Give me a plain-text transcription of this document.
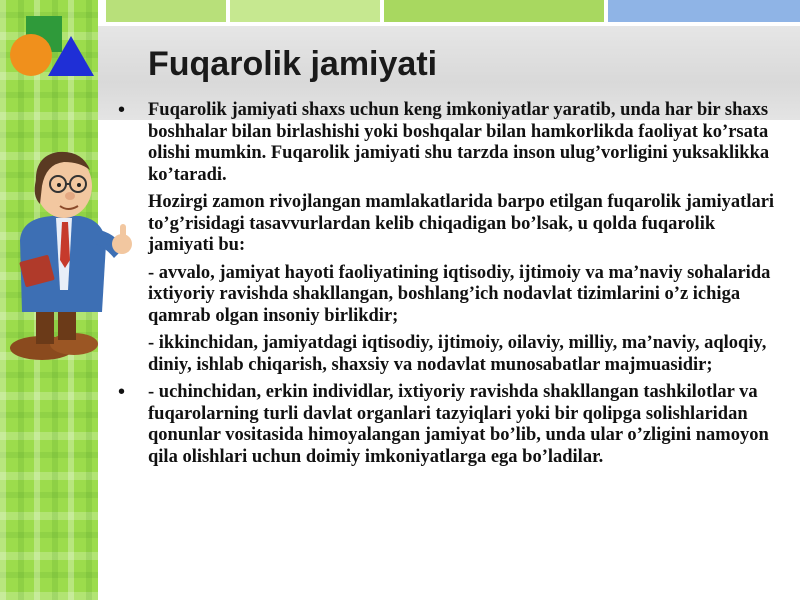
Fuqarolik jamiyati
•	Fuqarolik jamiyati shaxs uchun keng imkoniyatlar yaratib, unda har bir shaxs boshhalar bilan birlashishi yoki boshqalar bilan hamkorlikda faoliyat ko’rsata olishi mumkin. Fuqarolik jamiyati shu tarzda inson ulug’vorligini yuksaklikka ko’taradi.
Hozirgi zamon rivojlangan mamlakatlarida barpo etilgan fuqarolik jamiyatlari to’g’risidagi tasavvurlardan kelib chiqadigan bo’lsak, u qolda fuqarolik jamiyati bu:
- avvalo, jamiyat hayoti faoliyatining iqtisodiy, ijtimoiy va ma’naviy sohalarida ixtiyoriy ravishda shakllangan, boshlang’ich nodavlat tizimlarini o’z ichiga qamrab olgan insoniy birlikdir;
- ikkinchidan, jamiyatdagi iqtisodiy, ijtimoiy, oilaviy, milliy, ma’naviy, aqloqiy, diniy, ishlab chiqarish, shaxsiy va nodavlat munosabatlar majmuasidir;
•	- uchinchidan, erkin individlar, ixtiyoriy ravishda shakllangan tashkilotlar va fuqarolarning turli davlat organlari tazyiqlari yoki bir qolipga solishlaridan qonunlar vositasida himoyalangan jamiyat bo’lib, unda ular o’zligini namoyon qila olishlari uchun doimiy imkoniyatlarga ega bo’ladilar.
